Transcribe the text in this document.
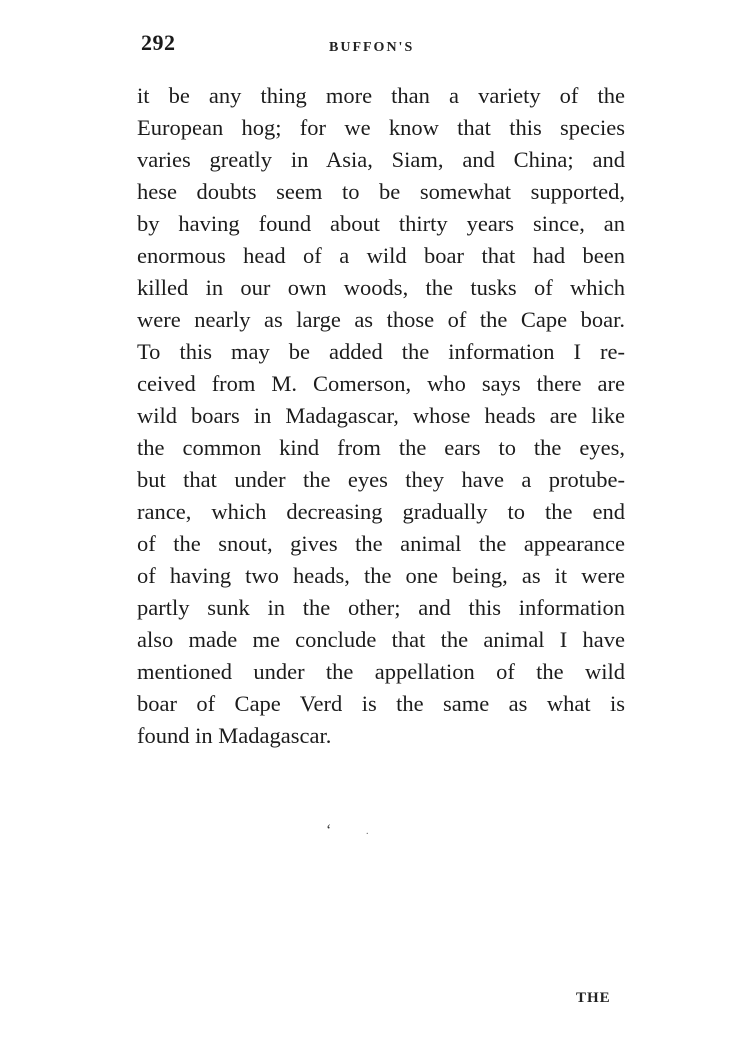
292	BUFFON'S
it be any thing more than a variety of the
European hog; for we know that this species
varies greatly in Asia, Siam, and China; and
hese doubts seem to be somewhat supported,
by having found about thirty years since, an
enormous head of a wild boar that had been
killed in our own woods, the tusks of which
were nearly as large as those of the Cape boar.
To this may be added the information I re-
ceived from M. Comerson, who says there are
wild boars in Madagascar, whose heads are like
the common kind from the ears to the eyes,
but that under the eyes they have a protube-
rance, which decreasing gradually to the end
of the snout, gives the animal the appearance
of having two heads, the one being, as it were
partly sunk in the other; and this information
also made me conclude that the animal I have
mentioned under the appellation of the wild
boar of Cape Verd is the same as what is
found in Madagascar.
‘	.
THE
